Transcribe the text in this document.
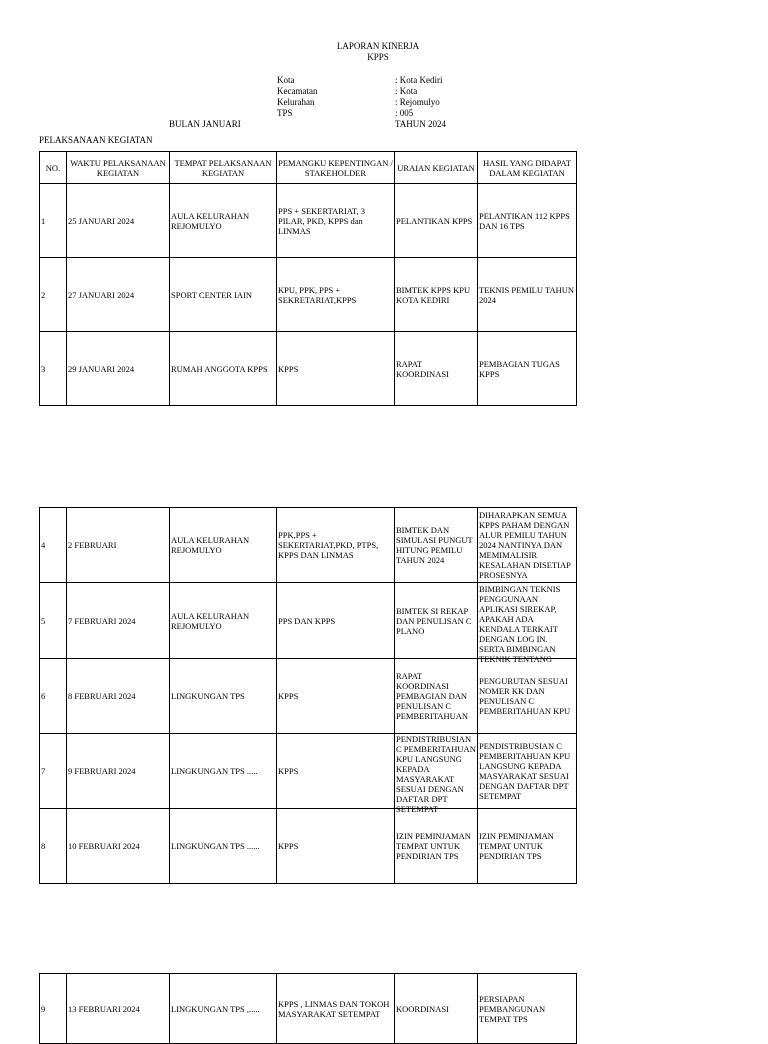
LAPORAN KINERJA
KPPS
Kota	: Kota Kediri
Kecamatan	: Kota
Kelurahan	: Rejomulyo
TPS	: 005
BULAN JANUARI	TAHUN 2024
PELAKSANAAN KEGIATAN
NO.	WAKTU PELAKSANAAN KEGIATAN	TEMPAT PELAKSANAAN KEGIATAN	PEMANGKU KEPENTINGAN / STAKEHOLDER	URAIAN KEGIATAN	HASIL YANG DIDAPAT DALAM KEGIATAN
1	25 JANUARI 2024	AULA KELURAHAN REJOMULYO	PPS + SEKERTARIAT, 3 PILAR, PKD, KPPS dan LINMAS	PELANTIKAN KPPS	PELANTIKAN 112 KPPS DAN 16 TPS
2	27 JANUARI 2024	SPORT CENTER IAIN	KPU, PPK, PPS + SEKRETARIAT,KPPS	BIMTEK KPPS KPU KOTA KEDIRI	TEKNIS PEMILU TAHUN 2024
3	29 JANUARI 2024	RUMAH ANGGOTA KPPS	KPPS	RAPAT KOORDINASI	PEMBAGIAN TUGAS KPPS
4	2 FEBRUARI	AULA KELURAHAN REJOMULYO	PPK,PPS + SEKERTARIAT,PKD, PTPS, KPPS DAN LINMAS	BIMTEK DAN SIMULASI PUNGUT HITUNG PEMILU TAHUN 2024	DIHARAPKAN SEMUA KPPS PAHAM DENGAN ALUR PEMILU TAHUN 2024 NANTINYA DAN MEMIMALISIR KESALAHAN DISETIAP PROSESNYA

5	7 FEBRUARI 2024	AULA KELURAHAN REJOMULYO	PPS DAN KPPS	BIMTEK SI REKAP DAN PENULISAN C PLANO	BIMBINGAN TEKNIS PENGGUNAAN APLIKASI SIREKAP, APAKAH ADA KENDALA TERKAIT DENGAN LOG IN. SERTA BIMBINGAN TEKNIK TENTANG

6	8 FEBRUARI 2024	LINGKUNGAN TPS	KPPS	RAPAT KOORDINASI PEMBAGIAN DAN PENULISAN C PEMBERITAHUAN	PENGURUTAN SESUAI NOMER KK DAN PENULISAN C PEMBERITAHUAN KPU
7	9 FEBRUARI 2024	LINGKUNGAN TPS .....	KPPS	PENDISTRIBUSIAN C PEMBERITAHUAN KPU LANGSUNG KEPADA MASYARAKAT SESUAI DENGAN DAFTAR DPT SETEMPAT	PENDISTRIBUSIAN C PEMBERITAHUAN KPU LANGSUNG KEPADA MASYARAKAT SESUAI DENGAN DAFTAR DPT SETEMPAT
8	10 FEBRUARI 2024	LINGKUNGAN TPS ......	KPPS	IZIN PEMINJAMAN TEMPAT UNTUK PENDIRIAN TPS	IZIN PEMINJAMAN TEMPAT UNTUK PENDIRIAN TPS
9	13 FEBRUARI 2024	LINGKUNGAN TPS ,.....	KPPS , LINMAS DAN TOKOH MASYARAKAT SETEMPAT	KOORDINASI	PERSIAPAN PEMBANGUNAN TEMPAT TPS
